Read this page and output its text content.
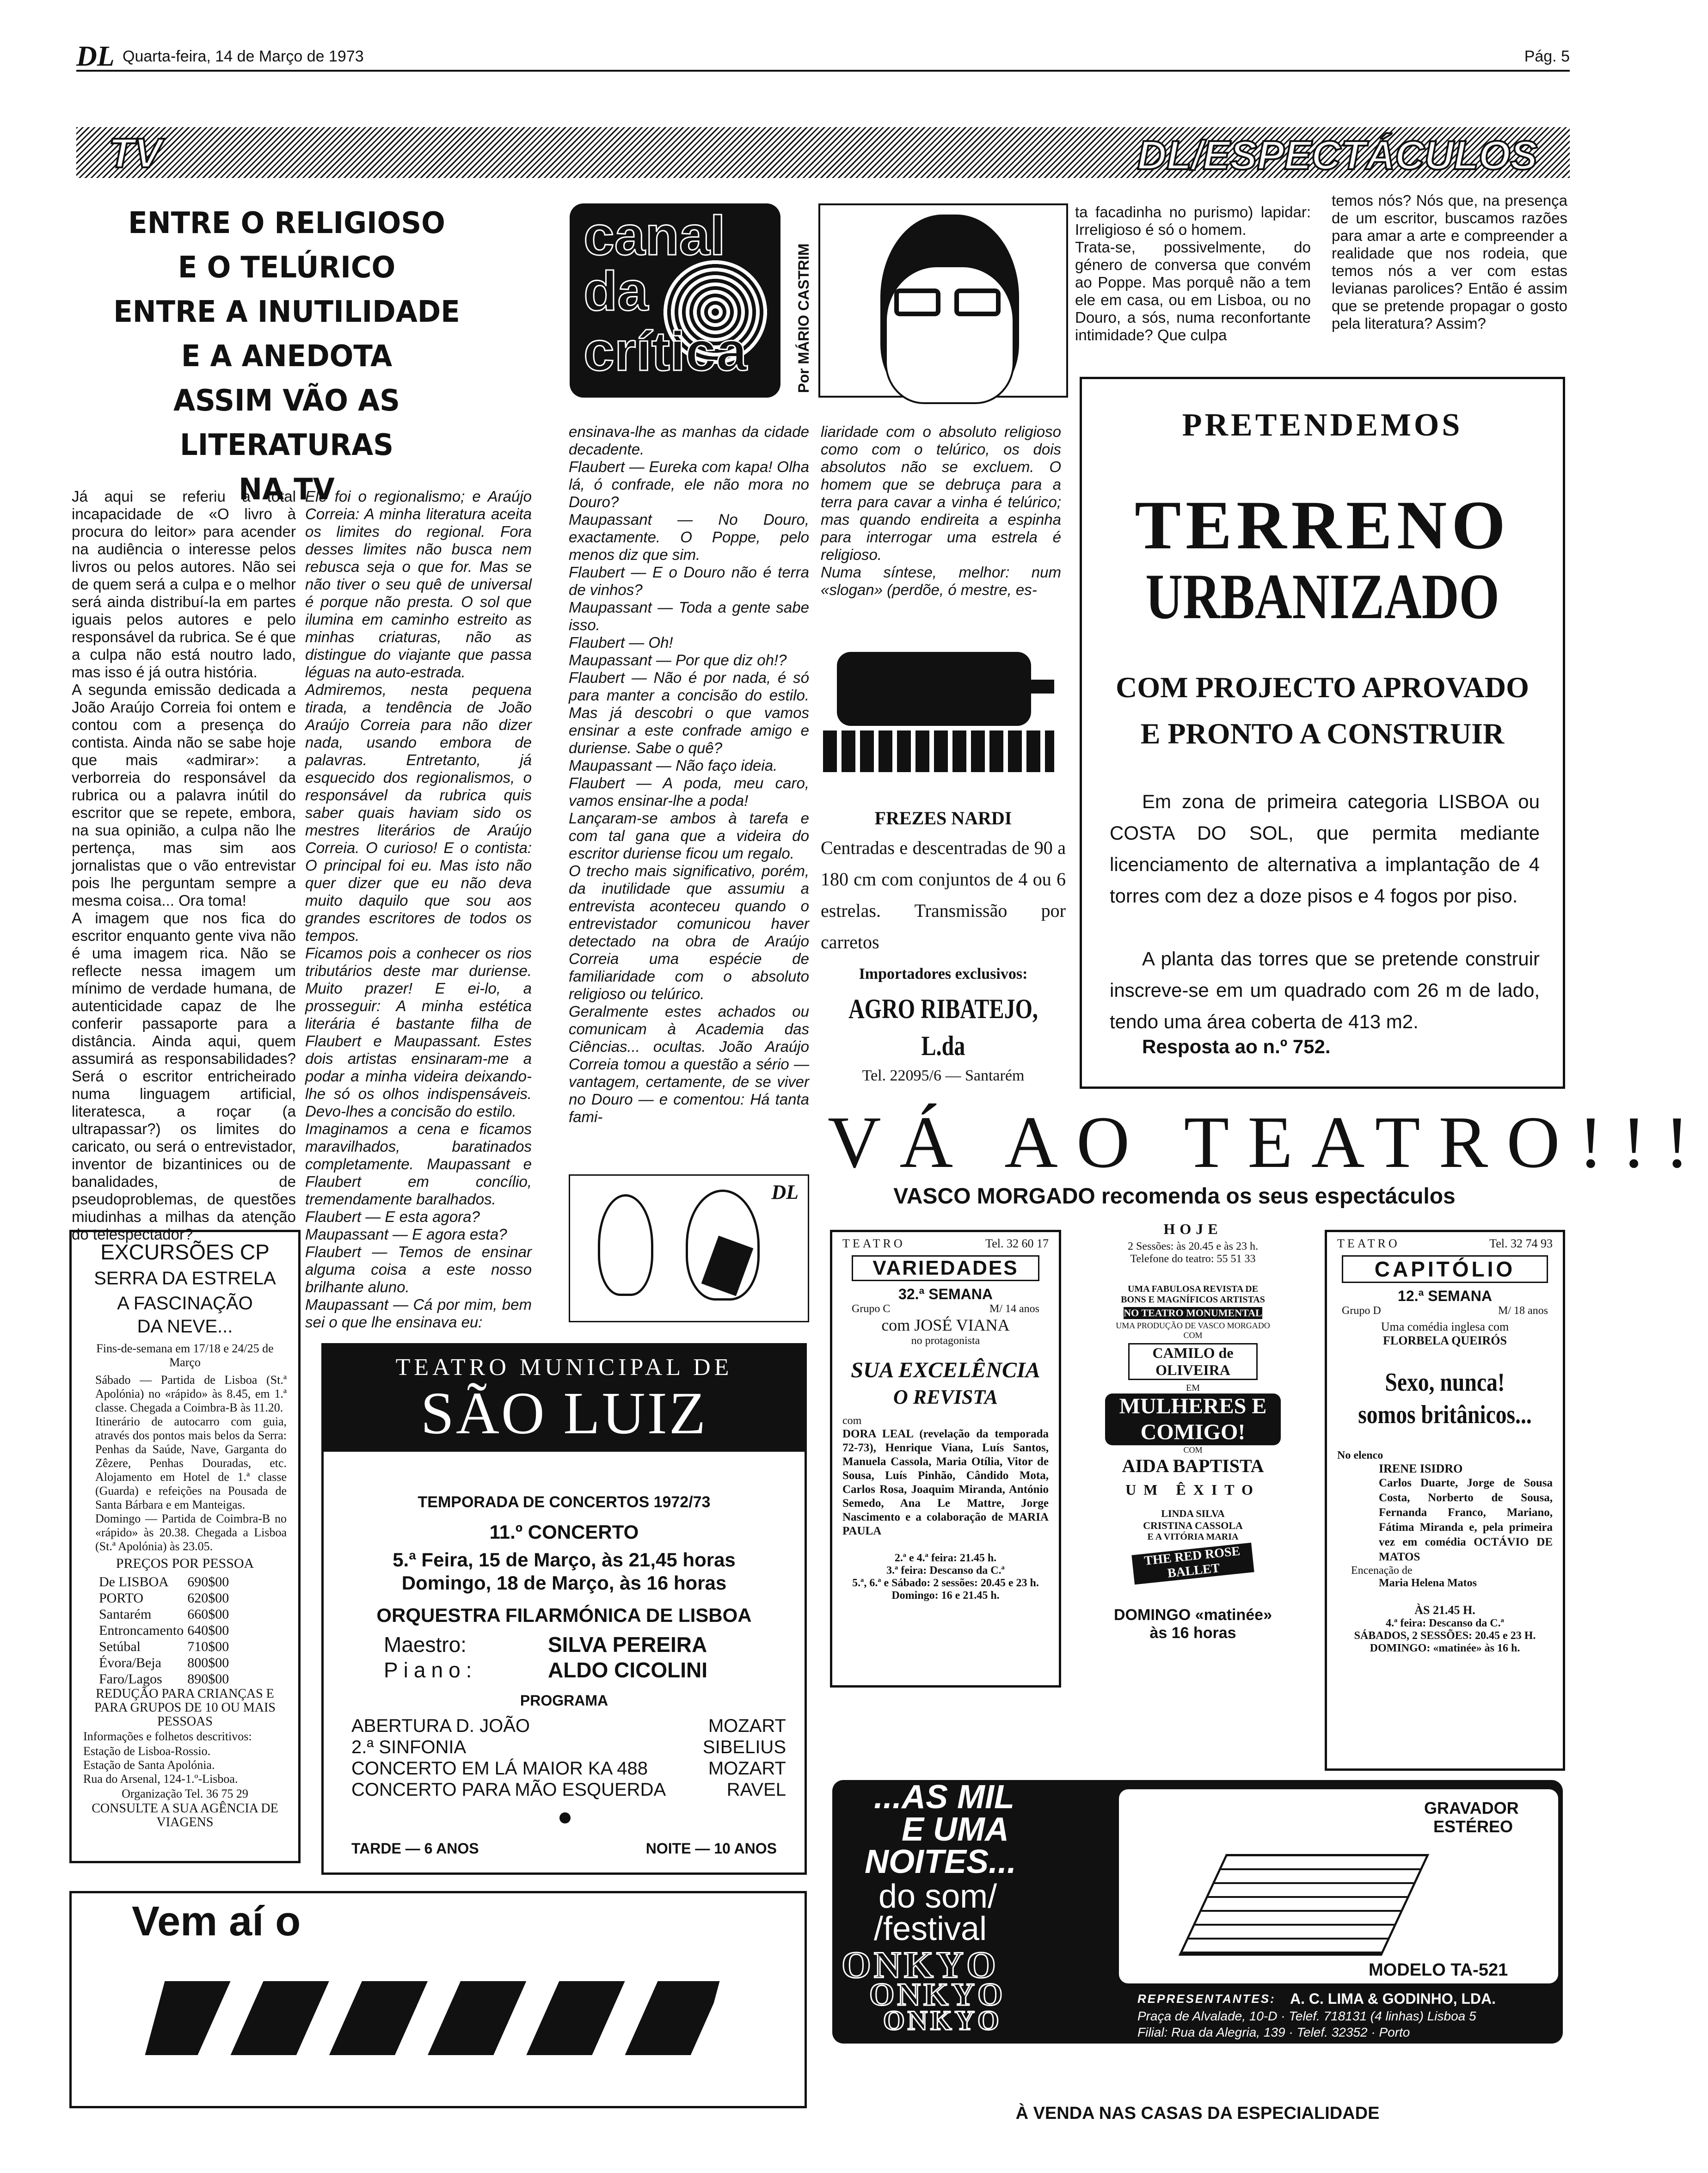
DL Quarta-feira, 14 de Março de 1973	Pág. 5
TV	DL/ESPECTÁCULOS
ENTRE O RELIGIOSO
E O TELÚRICO
ENTRE A INUTILIDADE
E A ANEDOTA
ASSIM VÃO AS LITERATURAS
NA TV
Já aqui se referiu a total incapacidade de «O livro à procura do leitor» para acender na audiência o interesse pelos livros ou pelos autores. Não sei de quem será a culpa e o melhor será ainda distribuí-la em partes iguais pelos autores e pelo responsável da rubrica. Se é que a culpa não está noutro lado, mas isso é já outra história.
A segunda emissão dedicada a João Araújo Correia foi ontem e contou com a presença do contista. Ainda não se sabe hoje que mais «admirar»: a verborreia do responsável da rubrica ou a palavra inútil do escritor que se repete, embora, na sua opinião, a culpa não lhe pertença, mas sim aos jornalistas que o vão entrevistar pois lhe perguntam sempre a mesma coisa... Ora toma!
A imagem que nos fica do escritor enquanto gente viva não é uma imagem rica. Não se reflecte nessa imagem um mínimo de verdade humana, de autenticidade capaz de lhe conferir passaporte para a distância. Ainda aqui, quem assumirá as responsabilidades? Será o escritor entricheirado numa linguagem artificial, literatesca, a roçar (a ultrapassar?) os limites do caricato, ou será o entrevistador, inventor de bizantinices ou de banalidades, de pseudoproblemas, de questões miudinhas a milhas da atenção do telespectador?
Ele foi o regionalismo; e Araújo Correia: A minha literatura aceita os limites do regional. Fora desses limites não busca nem rebusca seja o que for. Mas se não tiver o seu quê de universal é porque não presta. O sol que ilumina em caminho estreito as minhas criaturas, não as distingue do viajante que passa léguas na auto-estrada.
Admiremos, nesta pequena tirada, a tendência de João Araújo Correia para não dizer nada, usando embora de palavras. Entretanto, já esquecido dos regionalismos, o responsável da rubrica quis saber quais haviam sido os mestres literários de Araújo Correia. O curioso! E o contista: O principal foi eu. Mas isto não quer dizer que eu não deva muito daquilo que sou aos grandes escritores de todos os tempos.
Ficamos pois a conhecer os rios tributários deste mar duriense. Muito prazer! E ei-lo, a prosseguir: A minha estética literária é bastante filha de Flaubert e Maupassant. Estes dois artistas ensinaram-me a podar a minha videira deixando-lhe só os olhos indispensáveis. Devo-lhes a concisão do estilo.
Imaginamos a cena e ficamos maravilhados, baratinados completamente. Maupassant e Flaubert em concílio, tremendamente baralhados.
Flaubert — E esta agora?
Maupassant — E agora esta?
Flaubert — Temos de ensinar alguma coisa a este nosso brilhante aluno.
Maupassant — Cá por mim, bem sei o que lhe ensinava eu:
canal
da
crítica	Por MÁRIO CASTRIM
ensinava-lhe as manhas da cidade decadente.
Flaubert — Eureka com kapa! Olha lá, ó confrade, ele não mora no Douro?
Maupassant — No Douro, exactamente. O Poppe, pelo menos diz que sim.
Flaubert — E o Douro não é terra de vinhos?
Maupassant — Toda a gente sabe isso.
Flaubert — Oh!
Maupassant — Por que diz oh!?
Flaubert — Não é por nada, é só para manter a concisão do estilo. Mas já descobri o que vamos ensinar a este confrade amigo e duriense. Sabe o quê?
Maupassant — Não faço ideia.
Flaubert — A poda, meu caro, vamos ensinar-lhe a poda!
Lançaram-se ambos à tarefa e com tal gana que a videira do escritor duriense ficou um regalo.
O trecho mais significativo, porém, da inutilidade que assumiu a entrevista aconteceu quando o entrevistador comunicou haver detectado na obra de Araújo Correia uma espécie de familiaridade com o absoluto religioso ou telúrico.
Geralmente estes achados ou comunicam à Academia das Ciências... ocultas. João Araújo Correia tomou a questão a sério — vantagem, certamente, de se viver no Douro — e comentou: Há tanta fami-
liaridade com o absoluto religioso como com o telúrico, os dois absolutos não se excluem. O homem que se debruça para a terra para cavar a vinha é telúrico; mas quando endireita a espinha para interrogar uma estrela é religioso.
Numa síntese, melhor: num «slogan» (perdõe, ó mestre, es-
ta facadinha no purismo) lapidar: Irreligioso é só o homem.
Trata-se, possivelmente, do género de conversa que convém ao Poppe. Mas porquê não a tem ele em casa, ou em Lisboa, ou no Douro, a sós, numa reconfortante intimidade? Que culpa
temos nós? Nós que, na presença de um escritor, buscamos razões para amar a arte e compreender a realidade que nos rodeia, que temos nós a ver com estas levianas parolices? Então é assim que se pretende propagar o gosto pela literatura? Assim?
DL
FREZES NARDI
Centradas e descentradas de 90 a 180 cm com conjuntos de 4 ou 6 estrelas. Transmissão por carretos
Importadores exclusivos:
AGRO RIBATEJO, L.da
Tel. 22095/6 — Santarém
PRETENDEMOS
TERRENO
URBANIZADO
COM PROJECTO APROVADO
E PRONTO A CONSTRUIR
Em zona de primeira categoria LISBOA ou COSTA DO SOL, que permita mediante licenciamento de alternativa a implantação de 4 torres com dez a doze pisos e 4 fogos por piso.
A planta das torres que se pretende construir inscreve-se em um quadrado com 26 m de lado, tendo uma área coberta de 413 m2.
Resposta ao n.º 752.
EXCURSÕES CP
SERRA DA ESTRELA
A FASCINAÇÃO
DA NEVE...
Fins-de-semana em 17/18 e 24/25 de Março
Sábado — Partida de Lisboa (St.ª Apolónia) no «rápido» às 8.45, em 1.ª classe. Chegada a Coimbra-B às 11.20.
Itinerário de autocarro com guia, através dos pontos mais belos da Serra: Penhas da Saúde, Nave, Garganta do Zêzere, Penhas Douradas, etc. Alojamento em Hotel de 1.ª classe (Guarda) e refeições na Pousada de Santa Bárbara e em Manteigas.
Domingo — Partida de Coimbra-B no «rápido» às 20.38. Chegada a Lisboa (St.ª Apolónia) às 23.05.
PREÇOS POR PESSOA
De LISBOA	690$00
PORTO	620$00
Santarém	660$00
Entroncamento	640$00
Setúbal	710$00
Évora/Beja	800$00
Faro/Lagos	890$00
REDUÇÃO PARA CRIANÇAS E PARA GRUPOS DE 10 OU MAIS PESSOAS
Informações e folhetos descritivos:
Estação de Lisboa-Rossio.
Estação de Santa Apolónia.
Rua do Arsenal, 124-1.º-Lisboa.
Organização Tel. 36 75 29
CONSULTE A SUA AGÊNCIA DE VIAGENS
TEATRO MUNICIPAL DE
SÃO LUIZ
TEMPORADA DE CONCERTOS 1972/73
11.º CONCERTO
5.ª Feira, 15 de Março, às 21,45 horas
Domingo, 18 de Março, às 16 horas
ORQUESTRA FILARMÓNICA DE LISBOA
Maestro:	SILVA PEREIRA
Piano:	ALDO CICOLINI
PROGRAMA
ABERTURA D. JOÃO	MOZART
2.ª SINFONIA	SIBELIUS
CONCERTO EM LÁ MAIOR KA 488	MOZART
CONCERTO PARA MÃO ESQUERDA	RAVEL
TARDE — 6 ANOS	NOITE — 10 ANOS
Vem aí o
VÁ AO TEATRO!!!
VASCO MORGADO recomenda os seus espectáculos
TEATRO	Tel. 32 60 17
VARIEDADES
32.ª SEMANA
Grupo C	M/ 14 anos
com JOSÉ VIANA
no protagonista
SUA EXCELÊNCIA
O REVISTA
com
DORA LEAL (revelação da temporada 72-73), Henrique Viana, Luís Santos, Manuela Cassola, Maria Otília, Vitor de Sousa, Luís Pinhão, Cândido Mota, Carlos Rosa, Joaquim Miranda, António Semedo, Ana Le Mattre, Jorge Nascimento e a colaboração de MARIA PAULA
2.ª e 4.ª feira: 21.45 h.
3.ª feira: Descanso da C.ª
5.ª, 6.ª e Sábado: 2 sessões: 20.45 e 23 h.
Domingo: 16 e 21.45 h.
HOJE
2 Sessões: às 20.45 e às 23 h.
Telefone do teatro: 55 51 33
UMA FABULOSA REVISTA DE BONS E MAGNÍFICOS ARTISTAS
NO TEATRO MONUMENTAL
UMA PRODUÇÃO DE VASCO MORGADO
COM
CAMILO de OLIVEIRA
EM
MULHERES E COMIGO!
COM
AIDA BAPTISTA
UM ÊXITO
LINDA SILVA CRISTINA CASSOLA
E A VITÓRIA MARIA
THE RED ROSE BALLET
DOMINGO «matinée»
às 16 horas
TEATRO	Tel. 32 74 93
CAPITÓLIO
12.ª SEMANA
Grupo D	M/ 18 anos
Uma comédia inglesa com
FLORBELA QUEIRÓS
Sexo, nunca!
somos britânicos...
No elenco
IRENE ISIDRO
Carlos Duarte, Jorge de Sousa Costa, Norberto de Sousa, Fernanda Franco, Mariano, Fátima Miranda e, pela primeira vez em comédia OCTÁVIO DE MATOS
Encenação de
Maria Helena Matos
ÀS 21.45 H.
4.ª feira: Descanso da C.ª
SÁBADOS, 2 SESSÕES: 20.45 e 23 H.
DOMINGO: «matinée» às 16 h.
...AS MIL
E UMA
NOITES...
do som/
/festival
ONKYO
ONKYO
ONKYO
GRAVADOR
ESTÉREO
MODELO TA-521
REPRESENTANTES: A. C. LIMA & GODINHO, LDA.
Praça de Alvalade, 10-D · Telef. 718131 (4 linhas) Lisboa 5
Filial: Rua da Alegria, 139 · Telef. 32352 · Porto
À VENDA NAS CASAS DA ESPECIALIDADE
